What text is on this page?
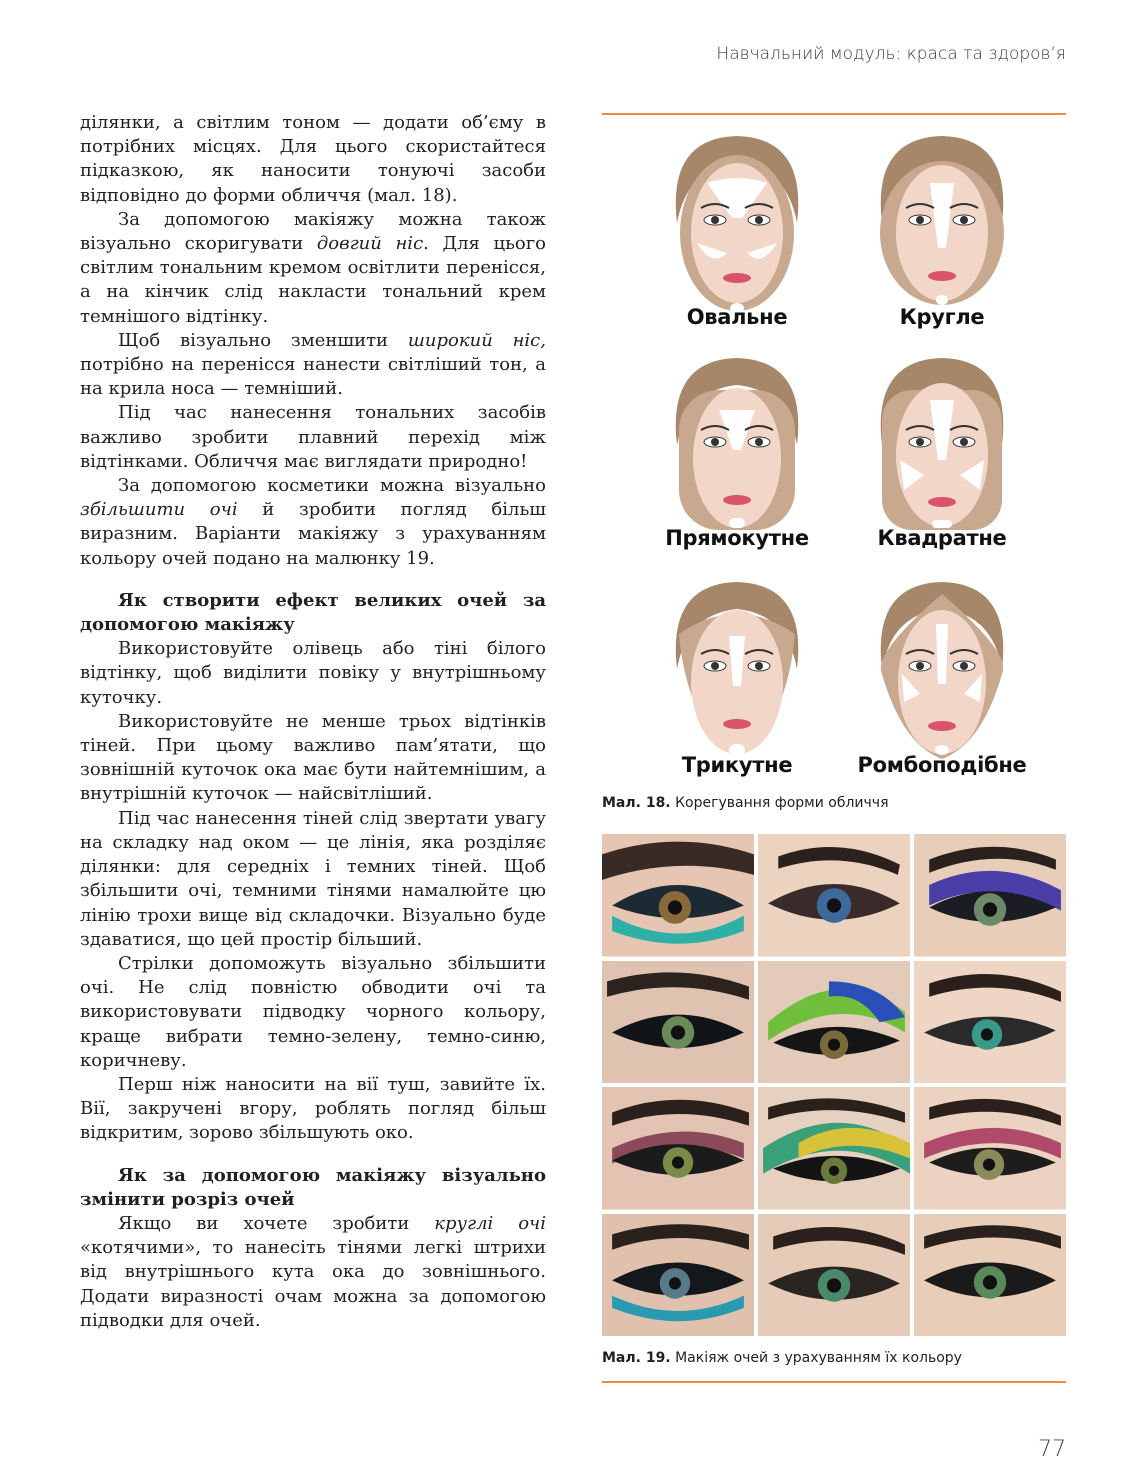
Навчальний модуль: краса та здоров’я

ділянки, а світлим тоном — додати об’єму в потрібних місцях. Для цього скористайтеся підказкою, як наносити тонуючі засоби відповідно до форми обличчя (мал. 18).

За допомогою макіяжу можна також візуально скоригувати довгий ніс. Для цього світлим тональним кремом освітлити перенісся, а на кінчик слід накласти тональний крем темнішого відтінку.

Щоб візуально зменшити широкий ніс, потрібно на перенісся нанести світліший тон, а на крила носа — темніший.

Під час нанесення тональних засобів важливо зробити плавний перехід між відтінками. Обличчя має виглядати природно!

За допомогою косметики можна візуально збільшити очі й зробити погляд більш виразним. Варіанти макіяжу з урахуванням кольору очей подано на малюнку 19.

Як створити ефект великих очей за допомогою макіяжу

Використовуйте олівець або тіні білого відтінку, щоб виділити повіку у внутрішньому куточку.

Використовуйте не менше трьох відтінків тіней. При цьому важливо пам’ятати, що зовнішній куточок ока має бути найтемнішим, а внутрішній куточок — найсвітліший.

Під час нанесення тіней слід звертати увагу на складку над оком — це лінія, яка розділяє ділянки: для середніх і темних тіней. Щоб збільшити очі, темними тінями намалюйте цю лінію трохи вище від складочки. Візуально буде здаватися, що цей простір більший.

Стрілки допоможуть візуально збільшити очі. Не слід повністю обводити очі та використовувати підводку чорного кольору, краще вибрати темно-зелену, темно-синю, коричневу.

Перш ніж наносити на вії туш, завийте їх. Вії, закручені вгору, роблять погляд більш відкритим, зорово збільшують око.

Як за допомогою макіяжу візуально змінити розріз очей

Якщо ви хочете зробити круглі очі «котячими», то нанесіть тінями легкі штрихи від внутрішнього кута ока до зовнішнього. Додати виразності очам можна за допомогою підводки для очей.

Овальне	Кругле
Прямокутне	Квадратне
Трикутне	Ромбоподібне
Мал. 18. Корегування форми обличчя
Мал. 19. Макіяж очей з урахуванням їх кольору
77
